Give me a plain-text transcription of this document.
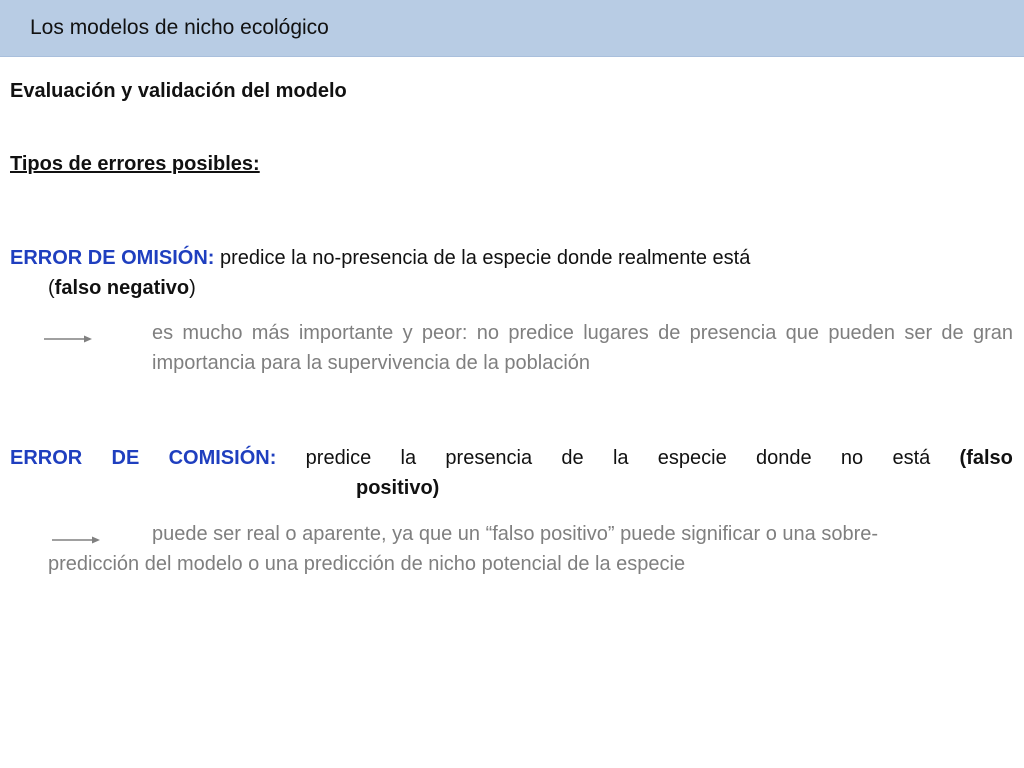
Los modelos de nicho ecológico
Evaluación y validación del modelo
Tipos de errores posibles:
ERROR DE OMISIÓN: predice la no-presencia de la especie donde realmente está
(falso negativo)
es mucho más importante y peor: no predice lugares de presencia que pueden ser de gran importancia para la supervivencia de la población
ERROR DE COMISIÓN: predice la presencia de la especie donde no está (falso
positivo)
puede ser real o aparente, ya que un “falso positivo” puede significar o una sobre-
predicción del modelo o una predicción de nicho potencial de la especie
